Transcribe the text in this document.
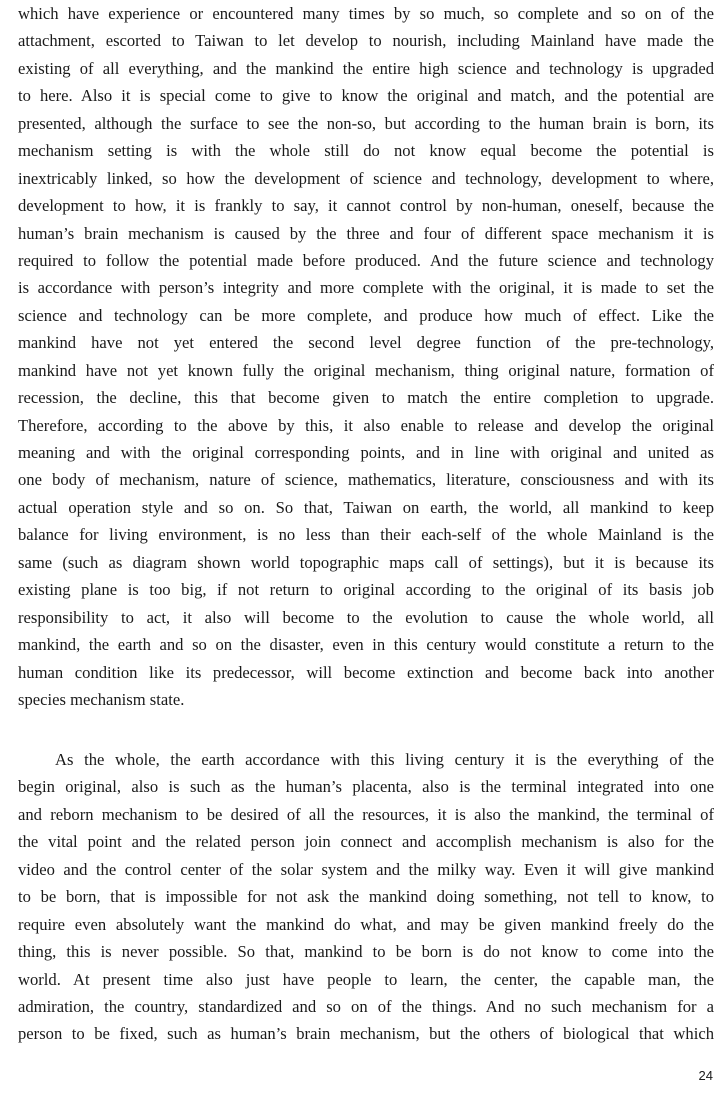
which have experience or encountered many times by so much, so complete and so on of the
attachment, escorted to Taiwan to let develop to nourish, including Mainland have made the
existing of all everything, and the mankind the entire high science and technology is upgraded
to here. Also it is special come to give to know the original and match, and the potential are
presented, although the surface to see the non-so, but according to the human brain is born, its
mechanism setting is with the whole still do not know equal become the potential is
inextricably linked, so how the development of science and technology, development to where,
development to how, it is frankly to say, it cannot control by non-human, oneself, because the
human’s brain mechanism is caused by the three and four of different space mechanism it is
required to follow the potential made before produced. And the future science and technology
is accordance with person’s integrity and more complete with the original, it is made to set the
science and technology can be more complete, and produce how much of effect. Like the
mankind have not yet entered the second level degree function of the pre-technology,
mankind have not yet known fully the original mechanism, thing original nature, formation of
recession, the decline, this that become given to match the entire completion to upgrade.
Therefore, according to the above by this, it also enable to release and develop the original
meaning and with the original corresponding points, and in line with original and united as
one body of mechanism, nature of science, mathematics, literature, consciousness and with its
actual operation style and so on. So that, Taiwan on earth, the world, all mankind to keep
balance for living environment, is no less than their each-self of the whole Mainland is the
same (such as diagram shown world topographic maps call of settings), but it is because its
existing plane is too big, if not return to original according to the original of its basis job
responsibility to act, it also will become to the evolution to cause the whole world, all
mankind, the earth and so on the disaster, even in this century would constitute a return to the
human condition like its predecessor, will become extinction and become back into another
species mechanism state.
As the whole, the earth accordance with this living century it is the everything of the
begin original, also is such as the human’s placenta, also is the terminal integrated into one
and reborn mechanism to be desired of all the resources, it is also the mankind, the terminal of
the vital point and the related person join connect and accomplish mechanism is also for the
video and the control center of the solar system and the milky way. Even it will give mankind
to be born, that is impossible for not ask the mankind doing something, not tell to know, to
require even absolutely want the mankind do what, and may be given mankind freely do the
thing, this is never possible. So that, mankind to be born is do not know to come into the
world. At present time also just have people to learn, the center, the capable man, the
admiration, the country, standardized and so on of the things. And no such mechanism for a
person to be fixed, such as human’s brain mechanism, but the others of biological that which
24
